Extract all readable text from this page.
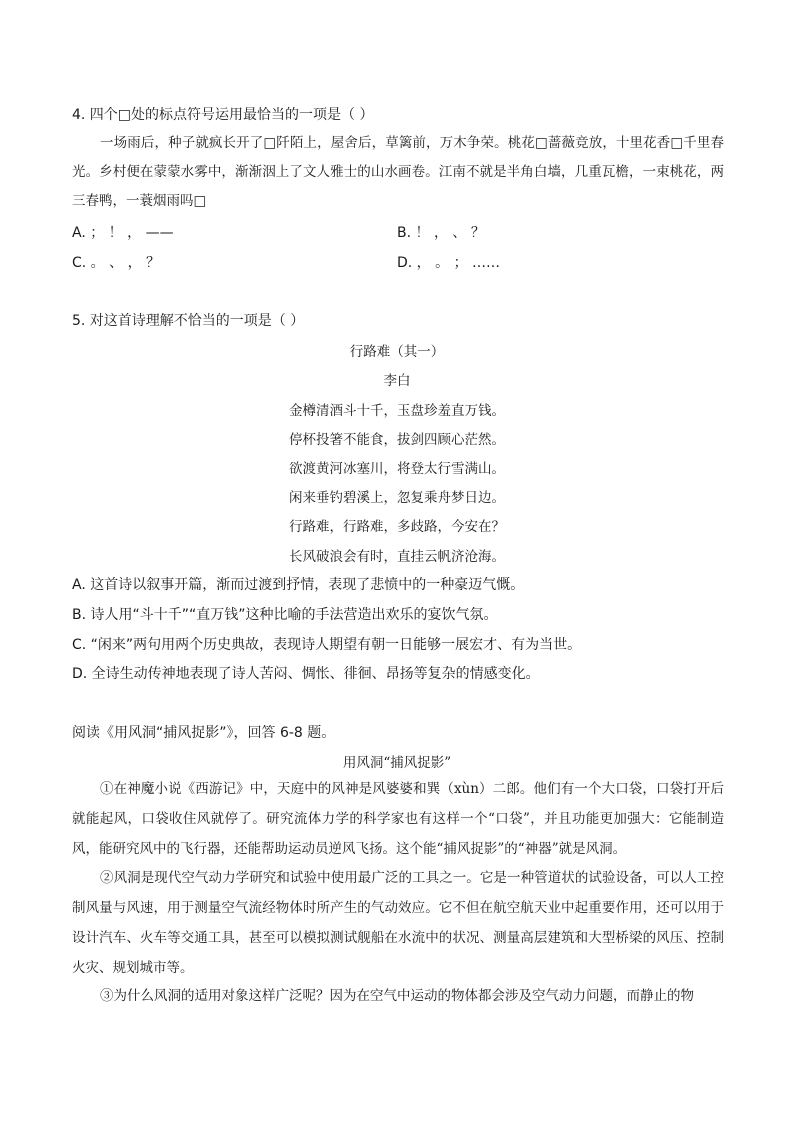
4. 四个□处的标点符号运用最恰当的一项是（ ）
一场雨后，种子就疯长开了□阡陌上，屋舍后，草篱前，万木争荣。桃花□蔷薇竞放，十里花香□千里春光。乡村便在蒙蒙水雾中，渐渐洇上了文人雅士的山水画卷。江南不就是半角白墙，几重瓦檐，一束桃花，两三春鸭，一蓑烟雨吗□
A. ； ！ ， ——	B. ！ ， 、 ？
C. 。 、 ， ？	D. ， 。 ； ……
5. 对这首诗理解不恰当的一项是（ ）
行路难（其一）
李白
金樽清酒斗十千，玉盘珍羞直万钱。
停杯投箸不能食，拔剑四顾心茫然。
欲渡黄河冰塞川，将登太行雪满山。
闲来垂钓碧溪上，忽复乘舟梦日边。
行路难，行路难，多歧路，今安在？
长风破浪会有时，直挂云帆济沧海。
A. 这首诗以叙事开篇，渐而过渡到抒情，表现了悲愤中的一种豪迈气慨。
B. 诗人用“斗十千”“直万钱”这种比喻的手法营造出欢乐的宴饮气氛。
C. “闲来”两句用两个历史典故，表现诗人期望有朝一日能够一展宏才、有为当世。
D. 全诗生动传神地表现了诗人苦闷、惆怅、徘徊、昂扬等复杂的情感变化。
阅读《用风洞“捕风捉影”》，回答 6-8 题。
用风洞“捕风捉影”
①在神魔小说《西游记》中，天庭中的风神是风婆婆和巽（xùn）二郎。他们有一个大口袋，口袋打开后就能起风，口袋收住风就停了。研究流体力学的科学家也有这样一个“口袋”，并且功能更加强大：它能制造风，能研究风中的飞行器，还能帮助运动员逆风飞扬。这个能“捕风捉影”的“神器”就是风洞。
②风洞是现代空气动力学研究和试验中使用最广泛的工具之一。它是一种管道状的试验设备，可以人工控制风量与风速，用于测量空气流经物体时所产生的气动效应。它不但在航空航天业中起重要作用，还可以用于设计汽车、火车等交通工具，甚至可以模拟测试舰船在水流中的状况、测量高层建筑和大型桥梁的风压、控制火灾、规划城市等。
③为什么风洞的适用对象这样广泛呢？因为在空气中运动的物体都会涉及空气动力问题，而静止的物
